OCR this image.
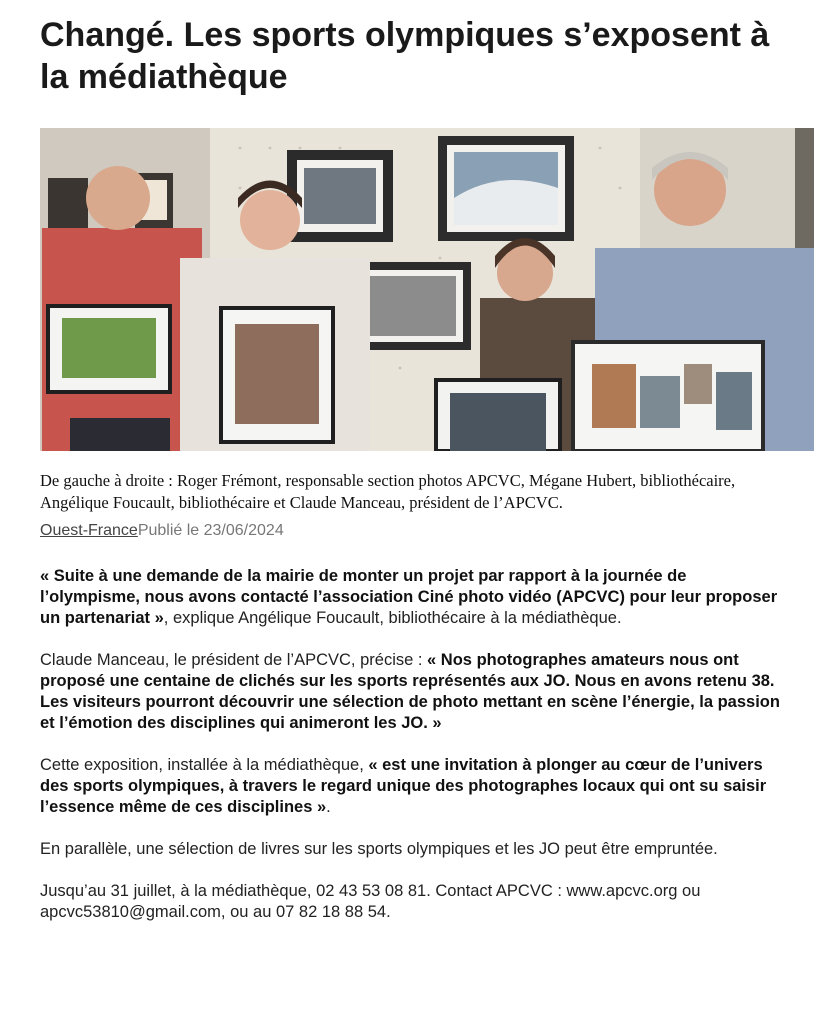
Changé. Les sports olympiques s’exposent à la médiathèque

De gauche à droite : Roger Frémont, responsable section photos APCVC, Mégane Hubert, bibliothécaire, Angélique Foucault, bibliothécaire et Claude Manceau, président de l’APCVC.

Ouest-FrancePublié le 23/06/2024

« Suite à une demande de la mairie de monter un projet par rapport à la journée de l’olympisme, nous avons contacté l’association Ciné photo vidéo (APCVC) pour leur proposer un partenariat », explique Angélique Foucault, bibliothécaire à la médiathèque.

Claude Manceau, le président de l’APCVC, précise : « Nos photographes amateurs nous ont proposé une centaine de clichés sur les sports représentés aux JO. Nous en avons retenu 38. Les visiteurs pourront découvrir une sélection de photo mettant en scène l’énergie, la passion et l’émotion des disciplines qui animeront les JO. »

Cette exposition, installée à la médiathèque, « est une invitation à plonger au cœur de l’univers des sports olympiques, à travers le regard unique des photographes locaux qui ont su saisir l’essence même de ces disciplines ».

En parallèle, une sélection de livres sur les sports olympiques et les JO peut être empruntée.

Jusqu’au 31 juillet, à la médiathèque, 02 43 53 08 81. Contact APCVC : www.apcvc.org ou apcvc53810@gmail.com, ou au 07 82 18 88 54.
